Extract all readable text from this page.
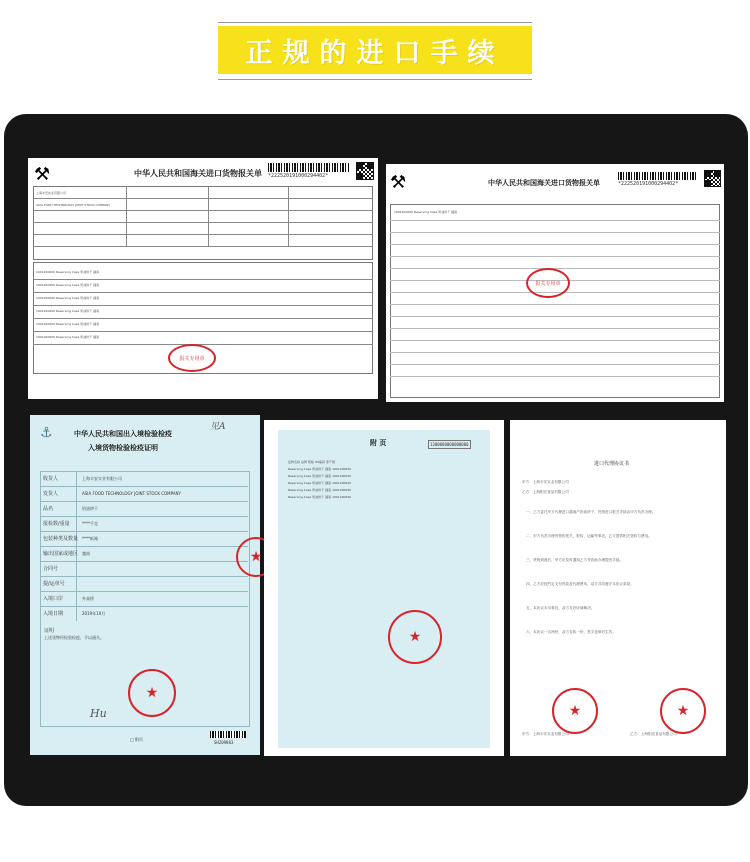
正规的进口手续
⚒	中华人民共和国海关进口货物报关单 *222520191000294402*
上海丰安实业有限公司
ASIA FOOD TECHNOLOGY JOINT STOCK COMPANY
1901200000 Reserving Caps 奶油饼干 越南
1901200000 Reserving Caps 奶油饼干 越南
1901200000 Reserving Caps 奶油饼干 越南
1901200000 Reserving Caps 奶油饼干 越南
1901200000 Reserving Caps 奶油饼干 越南
1901200000 Reserving Caps 奶油饼干 越南
报关专用章
⚒	中华人民共和国海关进口货物报关单	*222520191000294402*
1901200000 Reserving Caps 奶油饼干 越南
报关专用章
⚓	中华人民共和国出入境检验检疫
入境货物检验检疫证明
见A
收货人	上海丰安实业有限公司
发货人	ASIA FOOD TECHNOLOGY JOINT STOCK COMPANY
品名	奶油饼干
报检数/重量	****千克
包装种类及数量 ****纸箱
输出国家或地区 越南
合同号
提/运单号
入境口岸	外高桥
入境日期	2019年10月
证明
上述货物经检验检疫，予以通关。
★
Hu
□ 附页
SH209883
★
附 页	1300000000000000
货物名称 品牌 规格 HS编码 原产国
Reserving Caps 奶油饼干 越南 1901200000
Reserving Caps 奶油饼干 越南 1901200000
Reserving Caps 奶油饼干 越南 1901200000
Reserving Caps 奶油饼干 越南 1901200000
Reserving Caps 奶油饼干 越南 1901200000
★
进口代理协议书
甲方：上海丰安实业有限公司
乙方：上海阳光食品有限公司
一、乙方委托甲方代理进口越南产奶油饼干，货物进口报关手续由甲方负责办理。
二、甲方负责办理货物的报关、报检、运输等事宜，乙方提供相关资料与费用。
三、货物到港后，甲方应及时通知乙方并协助办理提货手续。
四、乙方应按约定支付货款及代理费用，双方共同遵守本协议条款。
五、本协议未尽事宜，双方友好协商解决。
六、本协议一式两份，双方各执一份，签字盖章后生效。
甲方：上海丰安实业有限公司	乙方：上海阳光食品有限公司
★	★
